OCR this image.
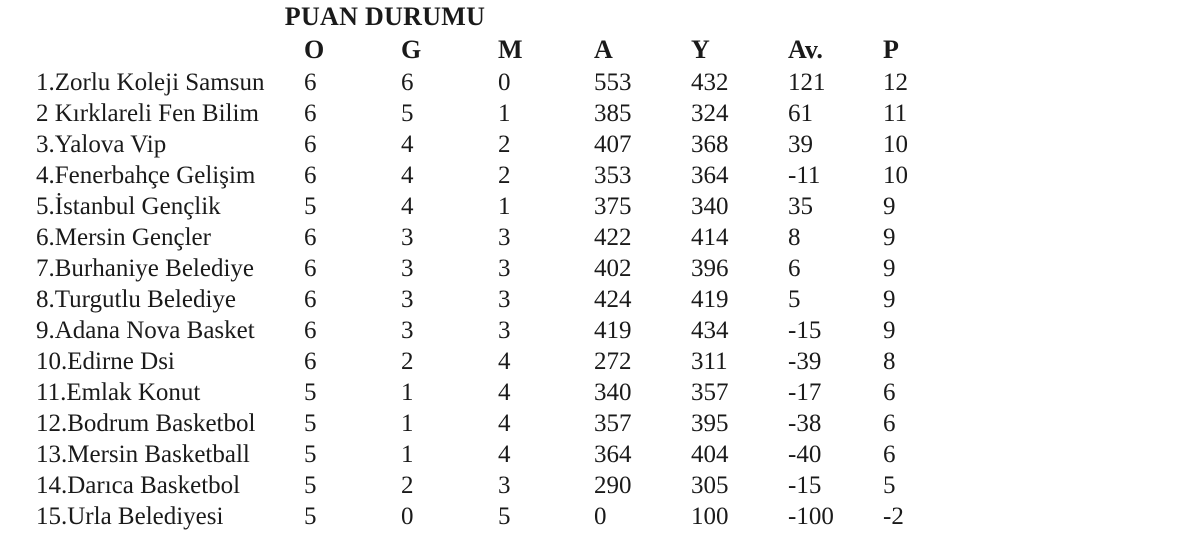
PUAN DURUMU
	O	G	M	A	Y	Av.	P
1.Zorlu Koleji Samsun	6	6	0	553	432	121	12
2 Kırklareli Fen Bilim	6	5	1	385	324	61	11
3.Yalova Vip	6	4	2	407	368	39	10
4.Fenerbahçe Gelişim	6	4	2	353	364	-11	10
5.İstanbul Gençlik	5	4	1	375	340	35	9
6.Mersin Gençler	6	3	3	422	414	8	9
7.Burhaniye Belediye	6	3	3	402	396	6	9
8.Turgutlu Belediye	6	3	3	424	419	5	9
9.Adana Nova Basket	6	3	3	419	434	-15	9
10.Edirne Dsi	6	2	4	272	311	-39	8
11.Emlak Konut	5	1	4	340	357	-17	6
12.Bodrum Basketbol	5	1	4	357	395	-38	6
13.Mersin Basketball	5	1	4	364	404	-40	6
14.Darıca Basketbol	5	2	3	290	305	-15	5
15.Urla Belediyesi	5	0	5	0	100	-100	-2
